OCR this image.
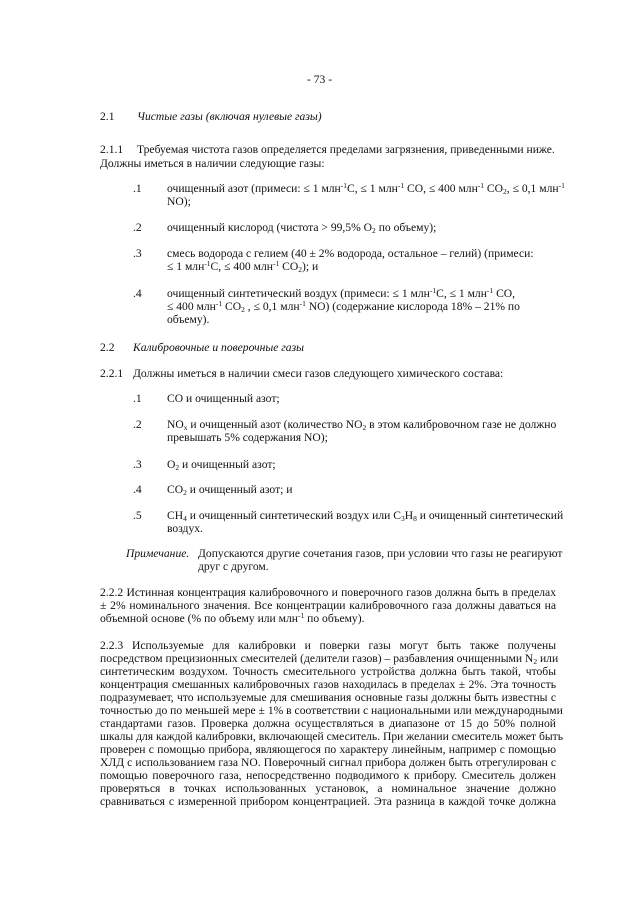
- 73 -
2.1 Чистые газы (включая нулевые газы)
2.1.1 Требуемая чистота газов определяется пределами загрязнения, приведенными ниже.
Должны иметься в наличии следующие газы:
.1 очищенный азот (примеси: ≤ 1 млн$^{-1}$С, ≤ 1 млн$^{-1}$ СО, ≤ 400 млн$^{-1}$ $СО_2$, ≤ 0,1 млн$^{-1}$
NO);
.2 очищенный кислород (чистота > 99,5% $О_2$ по объему);
.3 смесь водорода с гелием (40 ± 2% водорода, остальное – гелий) (примеси:
≤ 1 млн$^{-1}$С, ≤ 400 млн$^{-1}$ $СО_2$); и
.4 очищенный синтетический воздух (примеси: ≤ 1 млн$^{-1}$С, ≤ 1 млн$^{-1}$ СО,
≤ 400 млн$^{-1}$ $СО_2$ , ≤ 0,1 млн$^{-1}$ NO) (содержание кислорода 18% – 21% по
объему).
2.2 Калибровочные и поверочные газы
2.2.1 Должны иметься в наличии смеси газов следующего химического состава:
.1 СО и очищенный азот;
.2 $NO_x$ и очищенный азот (количество $NO_2$ в этом калибровочном газе не должно
превышать 5% содержания NO);
.3 $О_2$ и очищенный азот;
.4 $СО_2$ и очищенный азот; и
.5 $CH_4$ и очищенный синтетический воздух или $C_3H_8$ и очищенный синтетический
воздух.
Примечание. Допускаются другие сочетания газов, при условии что газы не реагируют
друг с другом.
2.2.2 Истинная концентрация калибровочного и поверочного газов должна быть в пределах
± 2% номинального значения. Все концентрации калибровочного газа должны даваться на
объемной основе (% по объему или млн$^{-1}$ по объему).
2.2.3 Используемые для калибровки и поверки газы могут быть также получены
посредством прецизионных смесителей (делители газов) – разбавления очищенными $N_2$ или
синтетическим воздухом. Точность смесительного устройства должна быть такой, чтобы
концентрация смешанных калибровочных газов находилась в пределах ± 2%. Эта точность
подразумевает, что используемые для смешивания основные газы должны быть известны с
точностью до по меньшей мере ± 1% в соответствии с национальными или международными
стандартами газов. Проверка должна осуществляться в диапазоне от 15 до 50% полной
шкалы для каждой калибровки, включающей смеситель. При желании смеситель может быть
проверен с помощью прибора, являющегося по характеру линейным, например с помощью
ХЛД с использованием газа NO. Поверочный сигнал прибора должен быть отрегулирован с
помощью поверочного газа, непосредственно подводимого к прибору. Смеситель должен
проверяться в точках использованных установок, а номинальное значение должно
сравниваться с измеренной прибором концентрацией. Эта разница в каждой точке должна
